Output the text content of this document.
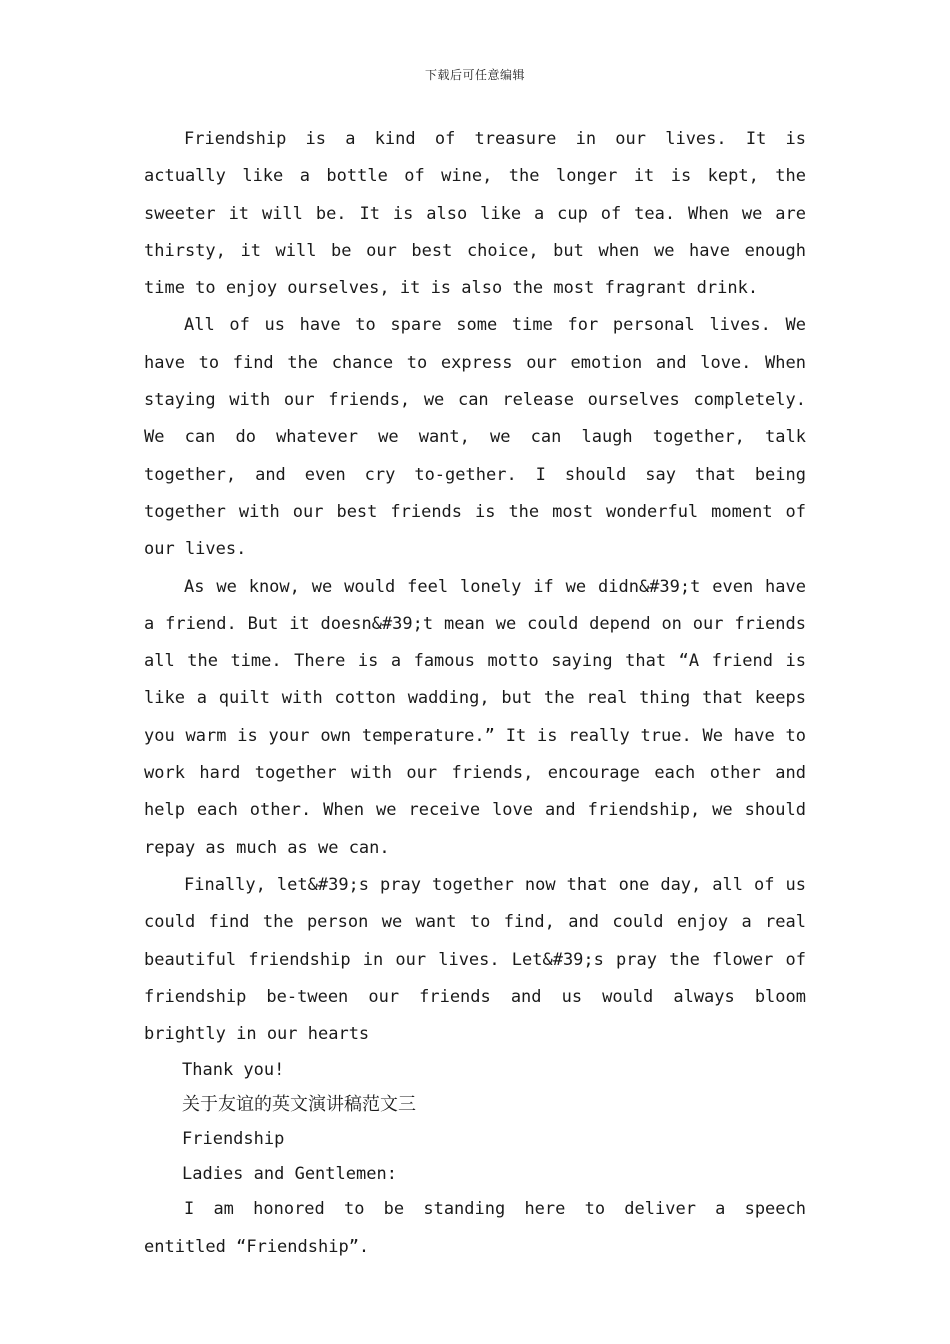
下载后可任意编辑

Friendship is a kind of treasure in our lives. It is actually like a bottle of wine, the longer it is kept, the sweeter it will be. It is also like a cup of tea. When we are thirsty, it will be our best choice, but when we have enough time to enjoy ourselves, it is also the most fragrant drink.

All of us have to spare some time for personal lives. We have to find the chance to express our emotion and love. When staying with our friends, we can release ourselves completely. We can do whatever we want, we can laugh together, talk together, and even cry to-gether. I should say that being together with our best friends is the most wonderful moment of our lives.

As we know, we would feel lonely if we didn&#39;t even have a friend. But it doesn&#39;t mean we could depend on our friends all the time. There is a famous motto saying that “A friend is like a quilt with cotton wadding, but the real thing that keeps you warm is your own temperature.” It is really true. We have to work hard together with our friends, encourage each other and help each other. When we receive love and friendship, we should repay as much as we can.

Finally, let&#39;s pray together now that one day, all of us could find the person we want to find, and could enjoy a real beautiful friendship in our lives. Let&#39;s pray the flower of friendship be-tween our friends and us would always bloom brightly in our hearts

Thank you!

关于友谊的英文演讲稿范文三

Friendship

Ladies and Gentlemen:

I am honored to be standing here to deliver a speech entitled “Friendship”.
